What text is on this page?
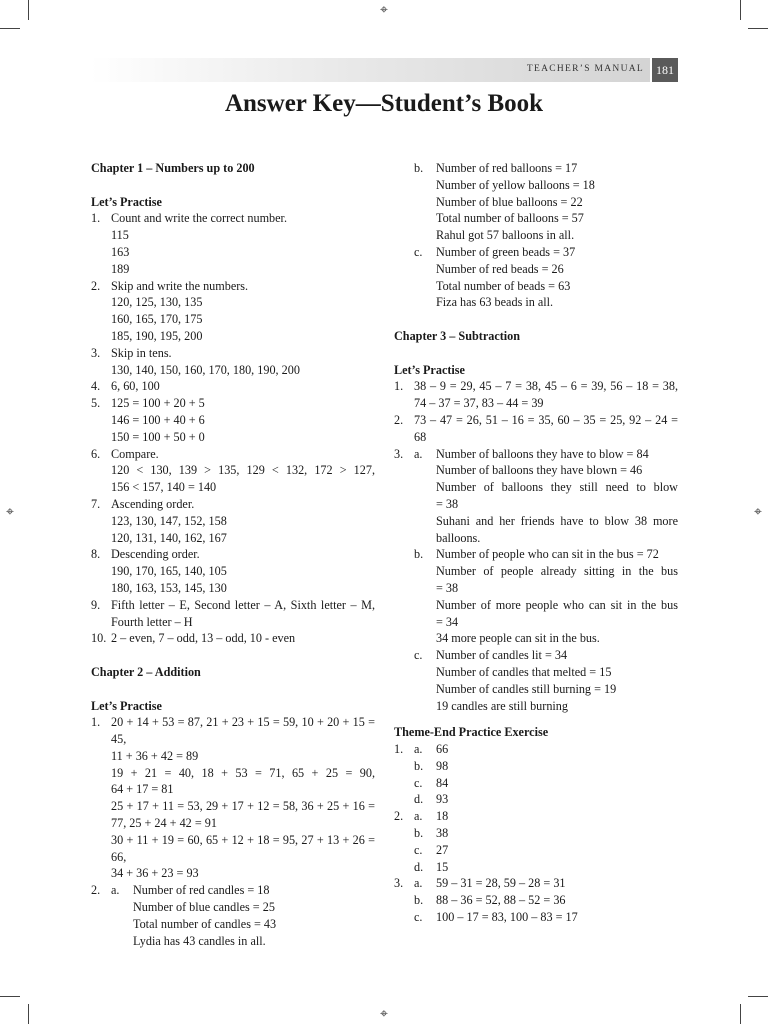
⌖
⌖
⌖	⌖
TEACHER’S MANUAL	181
Answer Key—Student’s Book
Chapter 1 – Numbers up to 200
Let’s Practise
1. Count and write the correct number.
115
163
189
2. Skip and write the numbers.
120, 125, 130, 135
160, 165, 170, 175
185, 190, 195, 200
3. Skip in tens.
130, 140, 150, 160, 170, 180, 190, 200
4. 6, 60, 100
5. 125 = 100 + 20 + 5
146 = 100 + 40 + 6
150 = 100 + 50 + 0
6. Compare.
120 < 130, 139 > 135, 129 < 132, 172 > 127,
156 < 157, 140 = 140
7. Ascending order.
123, 130, 147, 152, 158
120, 131, 140, 162, 167
8. Descending order.
190, 170, 165, 140, 105
180, 163, 153, 145, 130
9. Fifth letter – E, Second letter – A, Sixth letter – M,
Fourth letter – H
10. 2 – even, 7 – odd, 13 – odd, 10 - even
Chapter 2 – Addition
Let’s Practise
1. 20 + 14 + 53 = 87, 21 + 23 + 15 = 59, 10 + 20 + 15 = 45,
11 + 36 + 42 = 89
19 + 21 = 40, 18 + 53 = 71, 65 + 25 = 90,
64 + 17 = 81
25 + 17 + 11 = 53, 29 + 17 + 12 = 58, 36 + 25 + 16 =
77, 25 + 24 + 42 = 91
30 + 11 + 19 = 60, 65 + 12 + 18 = 95, 27 + 13 + 26 = 66,
34 + 36 + 23 = 93
2. a. Number of red candles = 18
Number of blue candles = 25
Total number of candles = 43
Lydia has 43 candles in all.
b. Number of red balloons = 17
Number of yellow balloons = 18
Number of blue balloons = 22
Total number of balloons = 57
Rahul got 57 balloons in all.
c. Number of green beads = 37
Number of red beads = 26
Total number of beads = 63
Fiza has 63 beads in all.
Chapter 3 – Subtraction
Let’s Practise
1. 38 – 9 = 29, 45 – 7 = 38, 45 – 6 = 39, 56 – 18 = 38,
74 – 37 = 37, 83 – 44 = 39
2. 73 – 47 = 26, 51 – 16 = 35, 60 – 35 = 25, 92 – 24 = 68
3. a. Number of balloons they have to blow = 84
Number of balloons they have blown = 46
Number of balloons they still need to blow
= 38
Suhani and her friends have to blow 38 more
balloons.
b. Number of people who can sit in the bus = 72
Number of people already sitting in the bus
= 38
Number of more people who can sit in the bus
= 34
34 more people can sit in the bus.
c. Number of candles lit = 34
Number of candles that melted = 15
Number of candles still burning = 19
19 candles are still burning
Theme-End Practice Exercise
1. a. 66
b. 98
c. 84
d. 93
2. a. 18
b. 38
c. 27
d. 15
3. a. 59 – 31 = 28, 59 – 28 = 31
b. 88 – 36 = 52, 88 – 52 = 36
c. 100 – 17 = 83, 100 – 83 = 17
